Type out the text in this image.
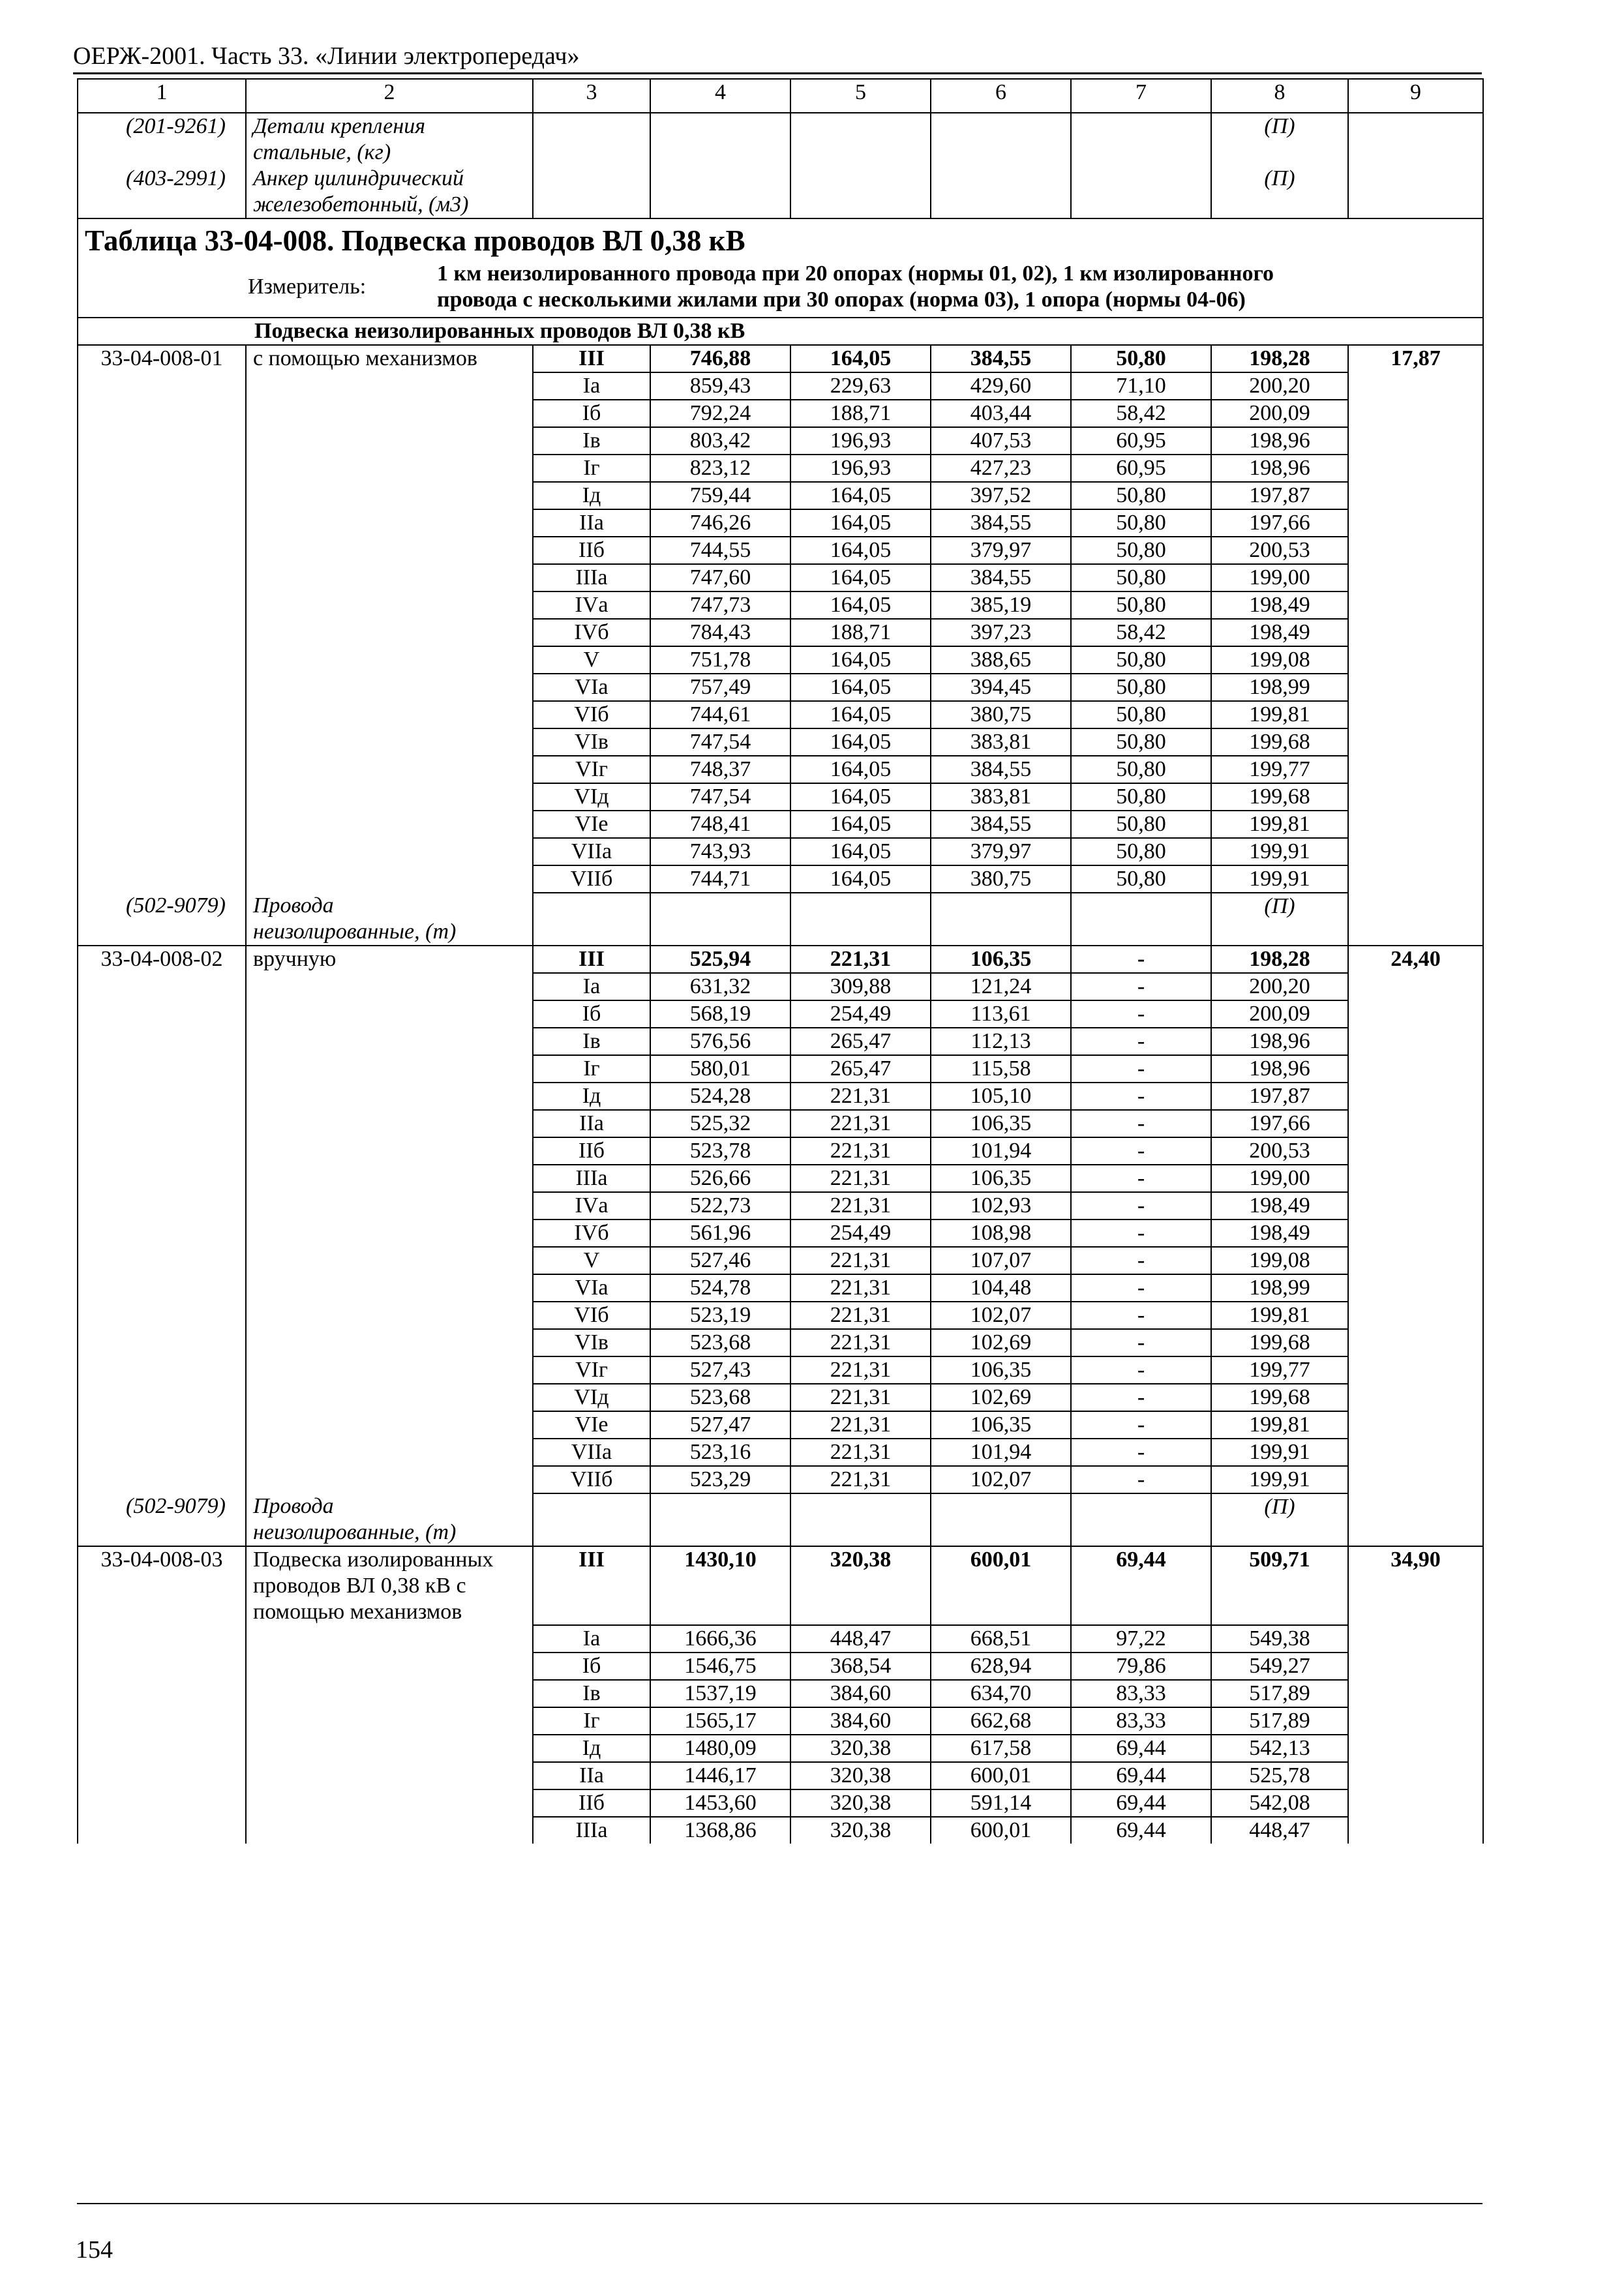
ОЕРЖ-2001. Часть 33. «Линии электропередач»
1	2	3	4	5	6	7	8	9
(201-9261)	Детали крепления
стальные, (кг)						(П)	
(403-2991)	Анкер цилиндрический
железобетонный, (м3)						(П)	

Таблица 33-04-008. Подвеска проводов ВЛ 0,38 кВ
Измеритель:
1 км неизолированного провода при 20 опорах (нормы 01, 02), 1 км изолированного
провода с несколькими жилами при 30 опорах (норма 03), 1 опора (нормы 04-06)								

Подвеска неизолированных проводов ВЛ 0,38 кВ								

33-04-008-01	с помощью механизмов	III	746,88	164,05	384,55	50,80	198,28	17,87
		Iа	859,43	229,63	429,60	71,10	200,20	
		Iб	792,24	188,71	403,44	58,42	200,09	
		Iв	803,42	196,93	407,53	60,95	198,96	
		Iг	823,12	196,93	427,23	60,95	198,96	
		Iд	759,44	164,05	397,52	50,80	197,87	
		IIа	746,26	164,05	384,55	50,80	197,66	
		IIб	744,55	164,05	379,97	50,80	200,53	
		IIIа	747,60	164,05	384,55	50,80	199,00	
		IVа	747,73	164,05	385,19	50,80	198,49	
		IVб	784,43	188,71	397,23	58,42	198,49	
		V	751,78	164,05	388,65	50,80	199,08	
		VIа	757,49	164,05	394,45	50,80	198,99	
		VIб	744,61	164,05	380,75	50,80	199,81	
		VIв	747,54	164,05	383,81	50,80	199,68	
		VIг	748,37	164,05	384,55	50,80	199,77	
		VIд	747,54	164,05	383,81	50,80	199,68	
		VIе	748,41	164,05	384,55	50,80	199,81	
		VIIа	743,93	164,05	379,97	50,80	199,91	
		VIIб	744,71	164,05	380,75	50,80	199,91	
(502-9079)	Провода
неизолированные, (т)						(П)	
33-04-008-02	вручную	III	525,94	221,31	106,35	-	198,28	24,40
		Iа	631,32	309,88	121,24	-	200,20	
		Iб	568,19	254,49	113,61	-	200,09	
		Iв	576,56	265,47	112,13	-	198,96	
		Iг	580,01	265,47	115,58	-	198,96	
		Iд	524,28	221,31	105,10	-	197,87	
		IIа	525,32	221,31	106,35	-	197,66	
		IIб	523,78	221,31	101,94	-	200,53	
		IIIа	526,66	221,31	106,35	-	199,00	
		IVа	522,73	221,31	102,93	-	198,49	
		IVб	561,96	254,49	108,98	-	198,49	
		V	527,46	221,31	107,07	-	199,08	
		VIа	524,78	221,31	104,48	-	198,99	
		VIб	523,19	221,31	102,07	-	199,81	
		VIв	523,68	221,31	102,69	-	199,68	
		VIг	527,43	221,31	106,35	-	199,77	
		VIд	523,68	221,31	102,69	-	199,68	
		VIе	527,47	221,31	106,35	-	199,81	
		VIIа	523,16	221,31	101,94	-	199,91	
		VIIб	523,29	221,31	102,07	-	199,91	
(502-9079)	Провода
неизолированные, (т)						(П)	
33-04-008-03	Подвеска изолированных
проводов ВЛ 0,38 кВ с
помощью механизмов	III	1430,10	320,38	600,01	69,44	509,71	34,90
		Iа	1666,36	448,47	668,51	97,22	549,38	
		Iб	1546,75	368,54	628,94	79,86	549,27	
		Iв	1537,19	384,60	634,70	83,33	517,89	
		Iг	1565,17	384,60	662,68	83,33	517,89	
		Iд	1480,09	320,38	617,58	69,44	542,13	
		IIа	1446,17	320,38	600,01	69,44	525,78	
		IIб	1453,60	320,38	591,14	69,44	542,08	
		IIIа	1368,86	320,38	600,01	69,44	448,47	
154
